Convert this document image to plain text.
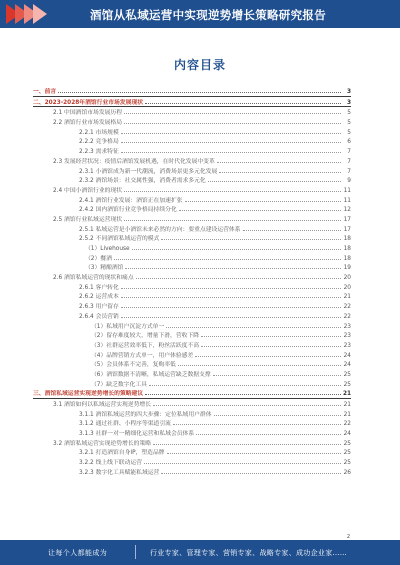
酒馆从私域运营中实现逆势增长策略研究报告
内容目录
一、前言	3
二、2023-2028年酒馆行业市场发展现状	3
2.1 中国酒馆市场发展历程	5
2.2 酒馆行业市场发展格局	5
2.2.1 市场规模	5
2.2.2 竞争格局	6
2.2.3 需求特征	7
2.3 发展经营状况：疫情后酒馆发展机遇，在时代化发展中变革	7
2.3.1 小酒馆成为新一代潮流，消费场景更多元化发展	7
2.3.2 酒馆场景：社交属性强，消费者需求多元化	9
2.4 中国小酒馆行业的现状	11
2.4.1 酒馆行业发展：酒馆正在加速扩张	11
2.4.2 国内酒馆行业竞争格局持续分化	12
2.5 酒馆行业私域运营现状	17
2.5.1 私域运营是小酒馆未来必然的方向：要重点建设运营体系	17
2.5.2 不同酒馆私域运营的模式	18
（1）Livehouse	18
（2）餐酒	18
（3）精酿酒馆	19
2.6 酒馆私域运营的现状和痛点	20
2.6.1 客户转化	20
2.6.2 运营成本	21
2.6.3 用户留存	22
2.6.4 会员营销	22
（1）私域用户沉淀方式单一	23
（2）留存难度较大，增量下滑，营收下降	23
（3）社群运营效率低下，粉丝活跃度不高	23
（4）品牌营销方式单一，用户体验感差	24
（5）会员体系不完善，复购率低	24
（6）酒馆数据不清晰，私域运营缺乏数据支撑	25
（7）缺乏数字化工具	25
三、酒馆私域运营实现逆势增长的策略建议	21
3.1 酒馆如何以私域运营实现逆势增长	21
3.1.1 酒馆私域运营的四大步骤：定位私域用户群体	21
3.1.2 通过社群、小程序等渠道引流	22
3.1.3 社群一对一精细化运营和私域会员体系	24
3.2 酒馆私域运营实现逆势增长的策略	25
3.2.1 打造酒馆自身IP，塑造品牌	25
3.2.2 线上线下联动运营	25
3.2.3 数字化工具赋能私域运营	26
2
让每个人都能成为	行业专家、管理专家、营销专家、战略专家、成功企业家……
